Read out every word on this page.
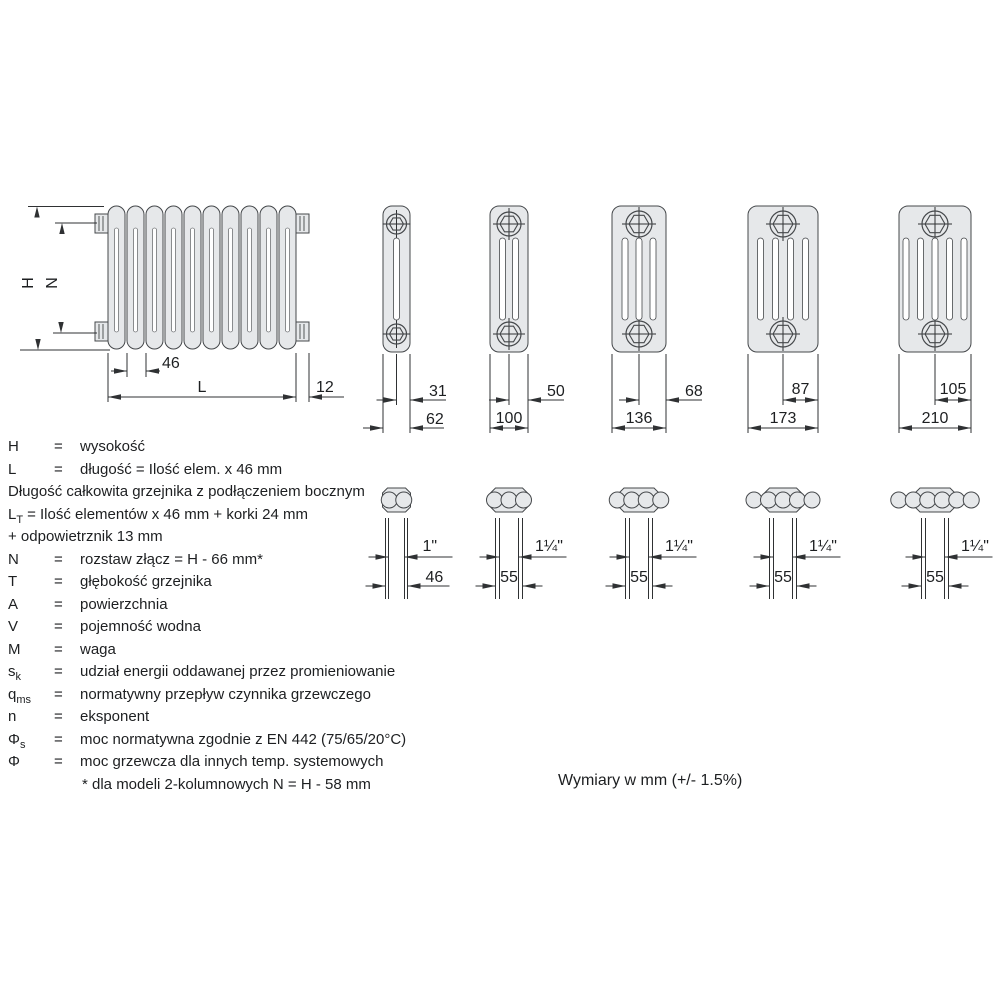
H N
46
L	12	31
62
50
100
68
136
87
173
105
210
1"
46
1¼"
55
1¼"
55
1¼"
55
1¼"
55
H	=	wysokość
L	=	długość = Ilość elem. x 46 mm
Długość całkowita grzejnika z podłączeniem bocznym
$L_T$ = Ilość elementów x 46 mm + korki 24 mm
+ odpowietrznik 13 mm
N	=	rozstaw złącz = H - 66 mm*
T	=	głębokość grzejnika
A	=	powierzchnia
V	=	pojemność wodna
M	=	waga
$s_k$	=	udział energii oddawanej przez promieniowanie
$q_{ms}$	=	normatywny przepływ czynnika grzewczego
n	=	eksponent
$\Phi_s$	=	moc normatywna zgodnie z EN 442 (75/65/20°C)
Φ	=	moc grzewcza dla innych temp. systemowych
* dla modeli 2-kolumnowych N = H - 58 mm	Wymiary w mm (+/- 1.5%)
